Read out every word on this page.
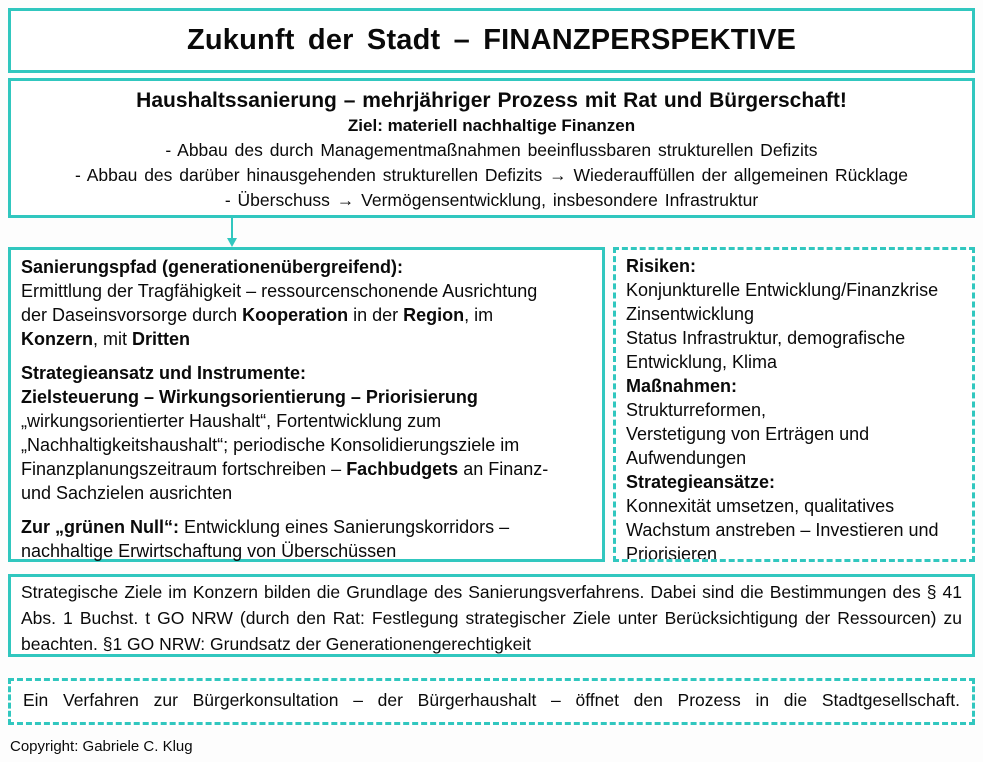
Zukunft der Stadt – FINANZPERSPEKTIVE
Haushaltssanierung – mehrjähriger Prozess mit Rat und Bürgerschaft!
Ziel: materiell nachhaltige Finanzen
- Abbau des durch Managementmaßnahmen beeinflussbaren strukturellen Defizits
- Abbau des darüber hinausgehenden strukturellen Defizits → Wiederauffüllen der allgemeinen Rücklage
- Überschuss → Vermögensentwicklung, insbesondere Infrastruktur
Sanierungspfad (generationenübergreifend):
Ermittlung der Tragfähigkeit – ressourcenschonende Ausrichtung
der Daseinsvorsorge durch Kooperation in der Region, im
Konzern, mit Dritten
Strategieansatz und Instrumente:
Zielsteuerung – Wirkungsorientierung – Priorisierung
„wirkungsorientierter Haushalt“, Fortentwicklung zum
„Nachhaltigkeitshaushalt“; periodische Konsolidierungsziele im
Finanzplanungszeitraum fortschreiben – Fachbudgets an Finanz-
und Sachzielen ausrichten
Zur „grünen Null“: Entwicklung eines Sanierungskorridors –
nachhaltige Erwirtschaftung von Überschüssen
Risiken:
Konjunkturelle Entwicklung/Finanzkrise
Zinsentwicklung
Status Infrastruktur, demografische
Entwicklung, Klima
Maßnahmen:
Strukturreformen,
Verstetigung von Erträgen und
Aufwendungen
Strategieansätze:
Konnexität umsetzen, qualitatives
Wachstum anstreben – Investieren und
Priorisieren
Strategische Ziele im Konzern bilden die Grundlage des Sanierungsverfahrens. Dabei sind die Bestimmungen des § 41 Abs. 1 Buchst. t GO NRW (durch den Rat: Festlegung strategischer Ziele unter Berücksichtigung der Ressourcen) zu beachten. §1 GO NRW: Grundsatz der Generationengerechtigkeit
Ein Verfahren zur Bürgerkonsultation – der Bürgerhaushalt – öffnet den Prozess in die Stadtgesellschaft.
Copyright: Gabriele C. Klug
